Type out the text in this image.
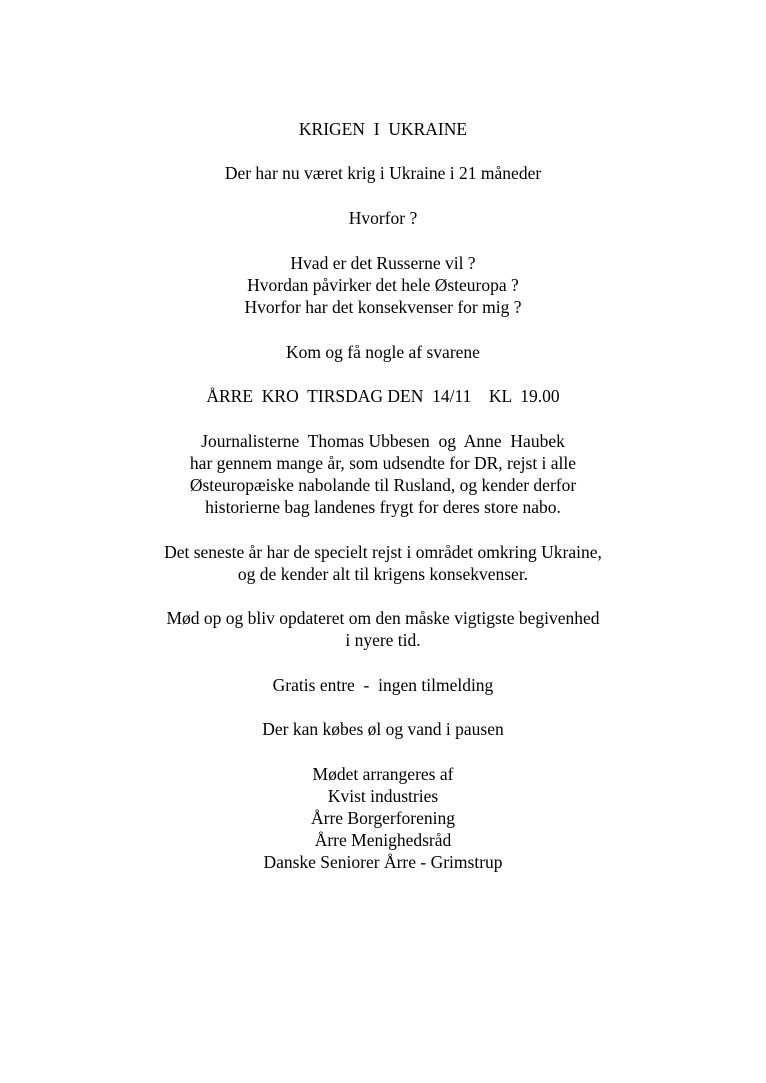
KRIGEN  I  UKRAINE
Der har nu været krig i Ukraine i 21 måneder
Hvorfor ?
Hvad er det Russerne vil ?
Hvordan påvirker det hele Østeuropa ?
Hvorfor har det konsekvenser for mig ?
Kom og få nogle af svarene
ÅRRE  KRO  TIRSDAG DEN  14/11    KL  19.00
Journalisterne  Thomas Ubbesen  og  Anne  Haubek
har gennem mange år, som udsendte for DR, rejst i alle
Østeuropæiske nabolande til Rusland, og kender derfor
historierne bag landenes frygt for deres store nabo.
Det seneste år har de specielt rejst i området omkring Ukraine,
og de kender alt til krigens konsekvenser.
Mød op og bliv opdateret om den måske vigtigste begivenhed
i nyere tid.
Gratis entre  -  ingen tilmelding
Der kan købes øl og vand i pausen
Mødet arrangeres af
Kvist industries
Årre Borgerforening
Årre Menighedsråd
Danske Seniorer Årre - Grimstrup
